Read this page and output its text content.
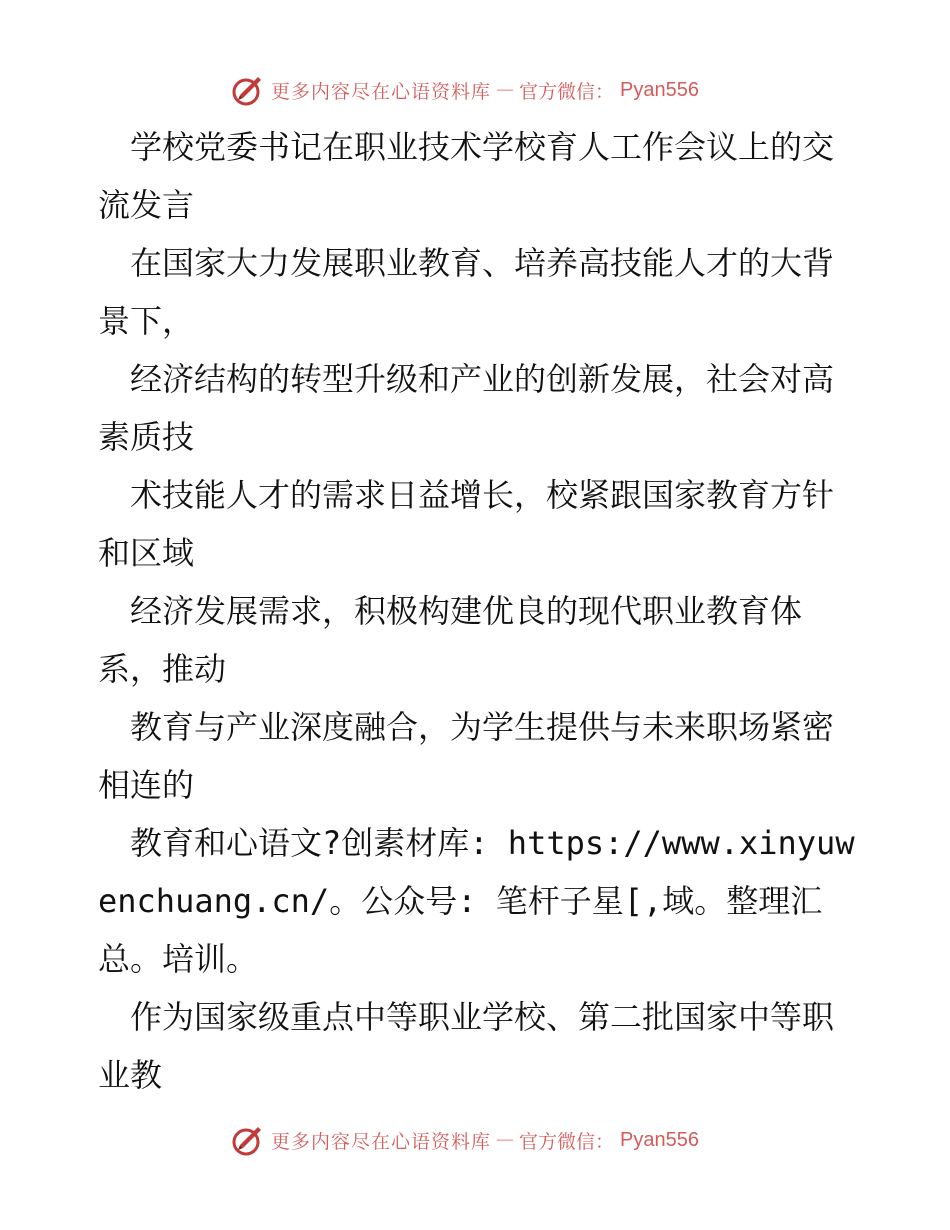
更多内容尽在心语资料库 — 官方微信： Pyan556

　学校党委书记在职业技术学校育人工作会议上的交流发言

　在国家大力发展职业教育、培养高技能人才的大背景下，

　经济结构的转型升级和产业的创新发展，社会对高素质技

　术技能人才的需求日益增长，校紧跟国家教育方针和区域

　经济发展需求，积极构建优良的现代职业教育体系，推动

　教育与产业深度融合，为学生提供与未来职场紧密相连的

　教育和心语文?创素材库: https://www.xinyuwenchuang.cn/。公众号: 笔杆子星[,域。整理汇总。培训。

　作为国家级重点中等职业学校、第二批国家中等职业教

更多内容尽在心语资料库 — 官方微信： Pyan556
